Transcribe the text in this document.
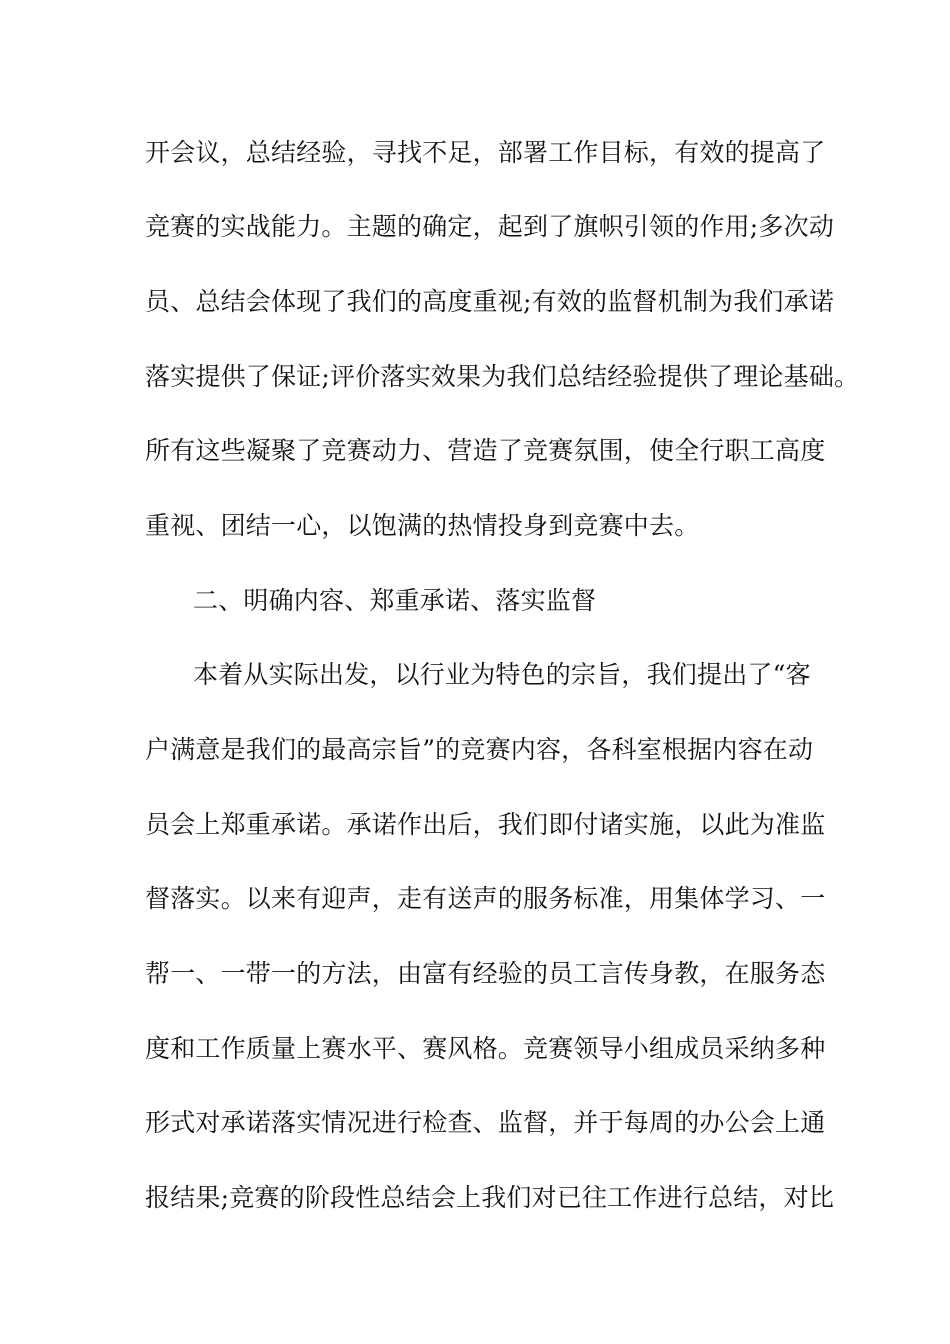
开会议，总结经验，寻找不足，部署工作目标，有效的提高了
竞赛的实战能力。主题的确定，起到了旗帜引领的作用;多次动
员、总结会体现了我们的高度重视;有效的监督机制为我们承诺
落实提供了保证;评价落实效果为我们总结经验提供了理论基础。
所有这些凝聚了竞赛动力、营造了竞赛氛围，使全行职工高度
重视、团结一心，以饱满的热情投身到竞赛中去。
二、明确内容、郑重承诺、落实监督
本着从实际出发，以行业为特色的宗旨，我们提出了“客
户满意是我们的最高宗旨”的竞赛内容，各科室根据内容在动
员会上郑重承诺。承诺作出后，我们即付诸实施，以此为准监
督落实。以来有迎声，走有送声的服务标准，用集体学习、一
帮一、一带一的方法，由富有经验的员工言传身教，在服务态
度和工作质量上赛水平、赛风格。竞赛领导小组成员采纳多种
形式对承诺落实情况进行检查、监督，并于每周的办公会上通
报结果;竞赛的阶段性总结会上我们对已往工作进行总结，对比
